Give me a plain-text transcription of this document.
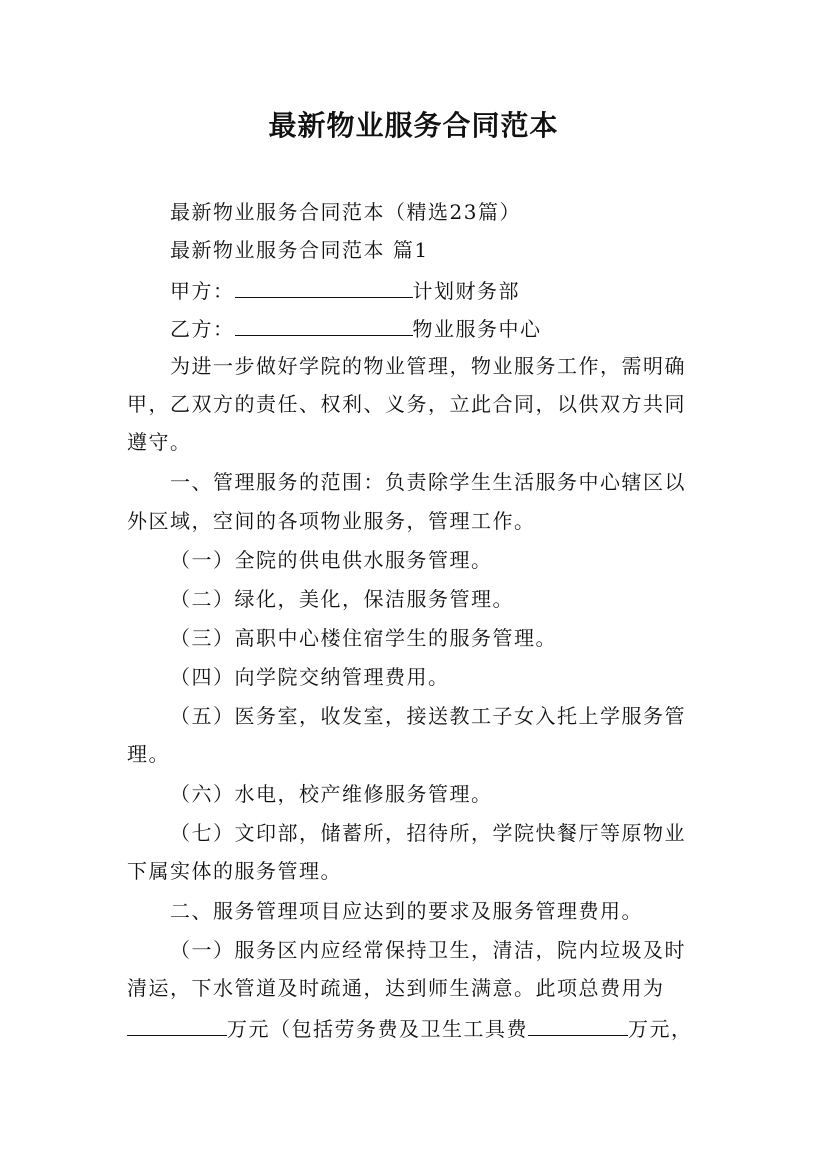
最新物业服务合同范本
最新物业服务合同范本（精选23篇）
最新物业服务合同范本 篇1
甲方：	计划财务部
乙方：	物业服务中心
为进一步做好学院的物业管理，物业服务工作，需明确
甲，乙双方的责任、权利、义务，立此合同，以供双方共同
遵守。
一、管理服务的范围：负责除学生生活服务中心辖区以
外区域，空间的各项物业服务，管理工作。
（一）全院的供电供水服务管理。
（二）绿化，美化，保洁服务管理。
（三）高职中心楼住宿学生的服务管理。
（四）向学院交纳管理费用。
（五）医务室，收发室，接送教工子女入托上学服务管
理。
（六）水电，校产维修服务管理。
（七）文印部，储蓄所，招待所，学院快餐厅等原物业
下属实体的服务管理。
二、服务管理项目应达到的要求及服务管理费用。
（一）服务区内应经常保持卫生，清洁，院内垃圾及时
清运，下水管道及时疏通，达到师生满意。此项总费用为
万元（包括劳务费及卫生工具费	万元，
